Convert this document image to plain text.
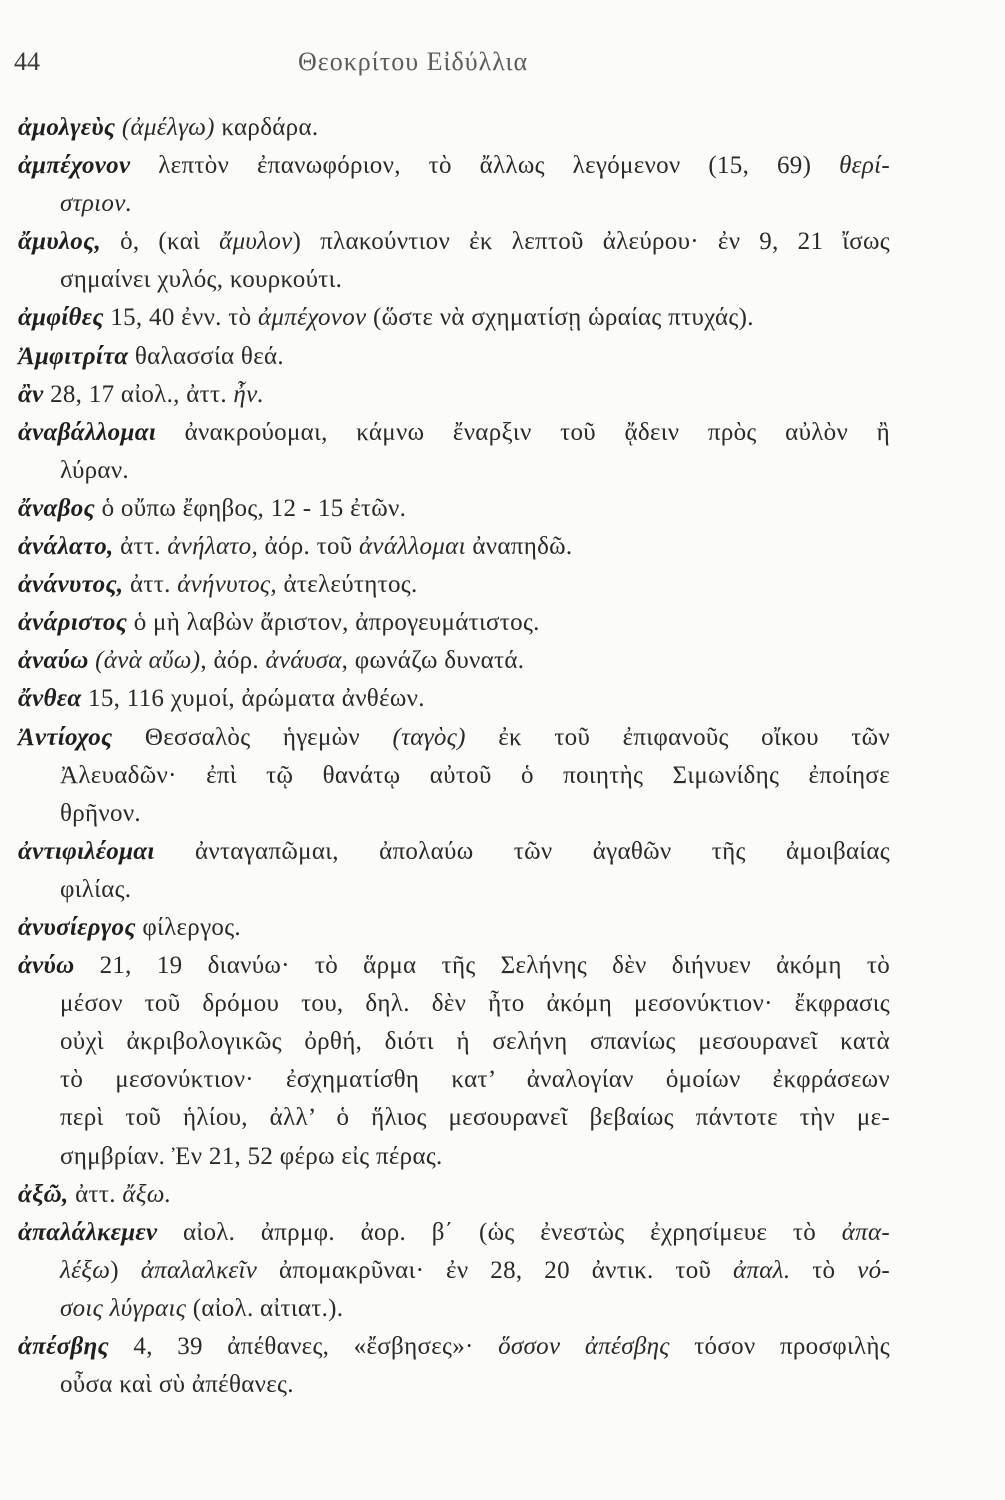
44	Θεοκρίτου Εἰδύλλια
ἀμολγεὺς (ἀμέλγω) καρδάρα.
ἀμπέχονον λεπτὸν ἐπανωφόριον, τὸ ἄλλως λεγόμενον (15, 69) θερί-
στριον.
ἄμυλος, ὁ, (καὶ ἄμυλον) πλακούντιον ἐκ λεπτοῦ ἀλεύρου· ἐν 9, 21 ἴσως
σημαίνει χυλός, κουρκούτι.
ἀμφίθες 15, 40 ἐνν. τὸ ἀμπέχονον (ὥστε νὰ σχηματίσῃ ὡραίας πτυχάς).
Ἀμφιτρίτα θαλασσία θεά.
ἂν 28, 17 αἰολ., ἀττ. ἦν.
ἀναβάλλομαι ἀνακρούομαι, κάμνω ἔναρξιν τοῦ ᾄδειν πρὸς αὐλὸν ἢ
λύραν.
ἄναβος ὁ οὔπω ἔφηβος, 12 - 15 ἐτῶν.
ἀνάλατο, ἀττ. ἀνήλατο, ἀόρ. τοῦ ἀνάλλομαι ἀναπηδῶ.
ἀνάνυτος, ἀττ. ἀνήνυτος, ἀτελεύτητος.
ἀνάριστος ὁ μὴ λαβὼν ἄριστον, ἀπρογευμάτιστος.
ἀναύω (ἀνὰ αὔω), ἀόρ. ἀνάυσα, φωνάζω δυνατά.
ἄνθεα 15, 116 χυμοί, ἀρώματα ἀνθέων.
Ἀντίοχος Θεσσαλὸς ἡγεμὼν (ταγὸς) ἐκ τοῦ ἐπιφανοῦς οἴκου τῶν
Ἀλευαδῶν· ἐπὶ τῷ θανάτῳ αὐτοῦ ὁ ποιητὴς Σιμωνίδης ἐποίησε
θρῆνον.
ἀντιφιλέομαι ἀνταγαπῶμαι, ἀπολαύω τῶν ἀγαθῶν τῆς ἀμοιβαίας
φιλίας.
ἀνυσίεργος φίλεργος.
ἀνύω 21, 19 διανύω· τὸ ἅρμα τῆς Σελήνης δὲν διήνυεν ἀκόμη τὸ
μέσον τοῦ δρόμου του, δηλ. δὲν ἦτο ἀκόμη μεσονύκτιον· ἔκφρασις
οὐχὶ ἀκριβολογικῶς ὀρθή, διότι ἡ σελήνη σπανίως μεσουρανεῖ κατὰ
τὸ μεσονύκτιον· ἐσχηματίσθη κατ’ ἀναλογίαν ὁμοίων ἐκφράσεων
περὶ τοῦ ἡλίου, ἀλλ’ ὁ ἥλιος μεσουρανεῖ βεβαίως πάντοτε τὴν με-
σημβρίαν. Ἐν 21, 52 φέρω εἰς πέρας.
ἀξῶ, ἀττ. ἄξω.
ἀπαλάλκεμεν αἰολ. ἀπρμφ. ἀορ. β΄ (ὡς ἐνεστὼς ἐχρησίμευε τὸ ἀπα-
λέξω) ἀπαλαλκεῖν ἀπομακρῦναι· ἐν 28, 20 ἀντικ. τοῦ ἀπαλ. τὸ νό-
σοις λύγραις (αἰολ. αἰτιατ.).
ἀπέσβης 4, 39 ἀπέθανες, «ἔσβησες»· ὅσσον ἀπέσβης τόσον προσφιλὴς
οὖσα καὶ σὺ ἀπέθανες.
